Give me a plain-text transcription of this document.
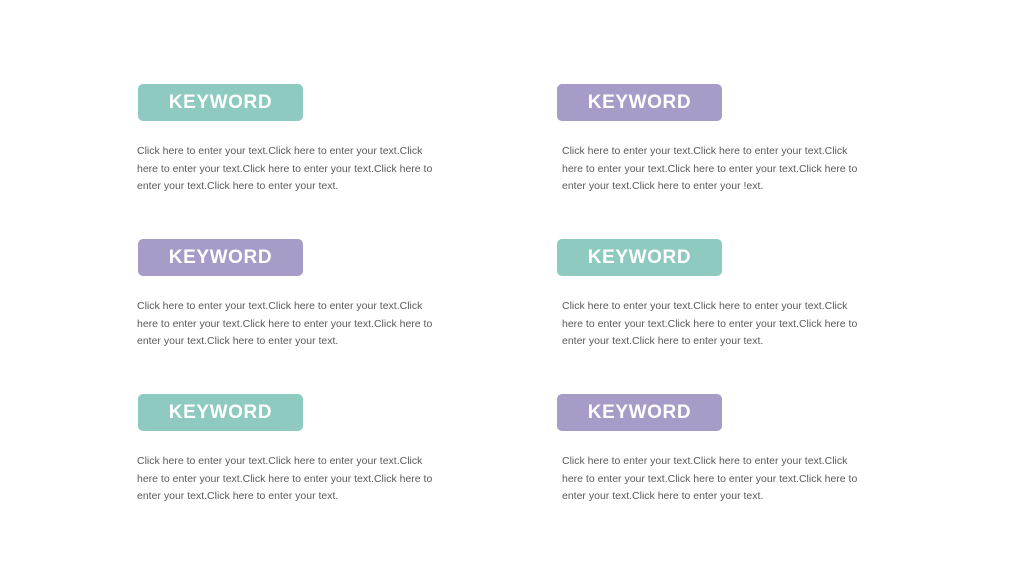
KEYWORD
Click here to enter your text.Click here to enter your text.Click here to enter your text.Click here to enter your text.Click here to enter your text.Click here to enter your text.
KEYWORD
Click here to enter your text.Click here to enter your text.Click here to enter your text.Click here to enter your text.Click here to enter your text.Click here to enter your !ext.
KEYWORD
Click here to enter your text.Click here to enter your text.Click here to enter your text.Click here to enter your text.Click here to enter your text.Click here to enter your text.
KEYWORD
Click here to enter your text.Click here to enter your text.Click here to enter your text.Click here to enter your text.Click here to enter your text.Click here to enter your text.
KEYWORD
Click here to enter your text.Click here to enter your text.Click here to enter your text.Click here to enter your text.Click here to enter your text.Click here to enter your text.
KEYWORD
Click here to enter your text.Click here to enter your text.Click here to enter your text.Click here to enter your text.Click here to enter your text.Click here to enter your text.
